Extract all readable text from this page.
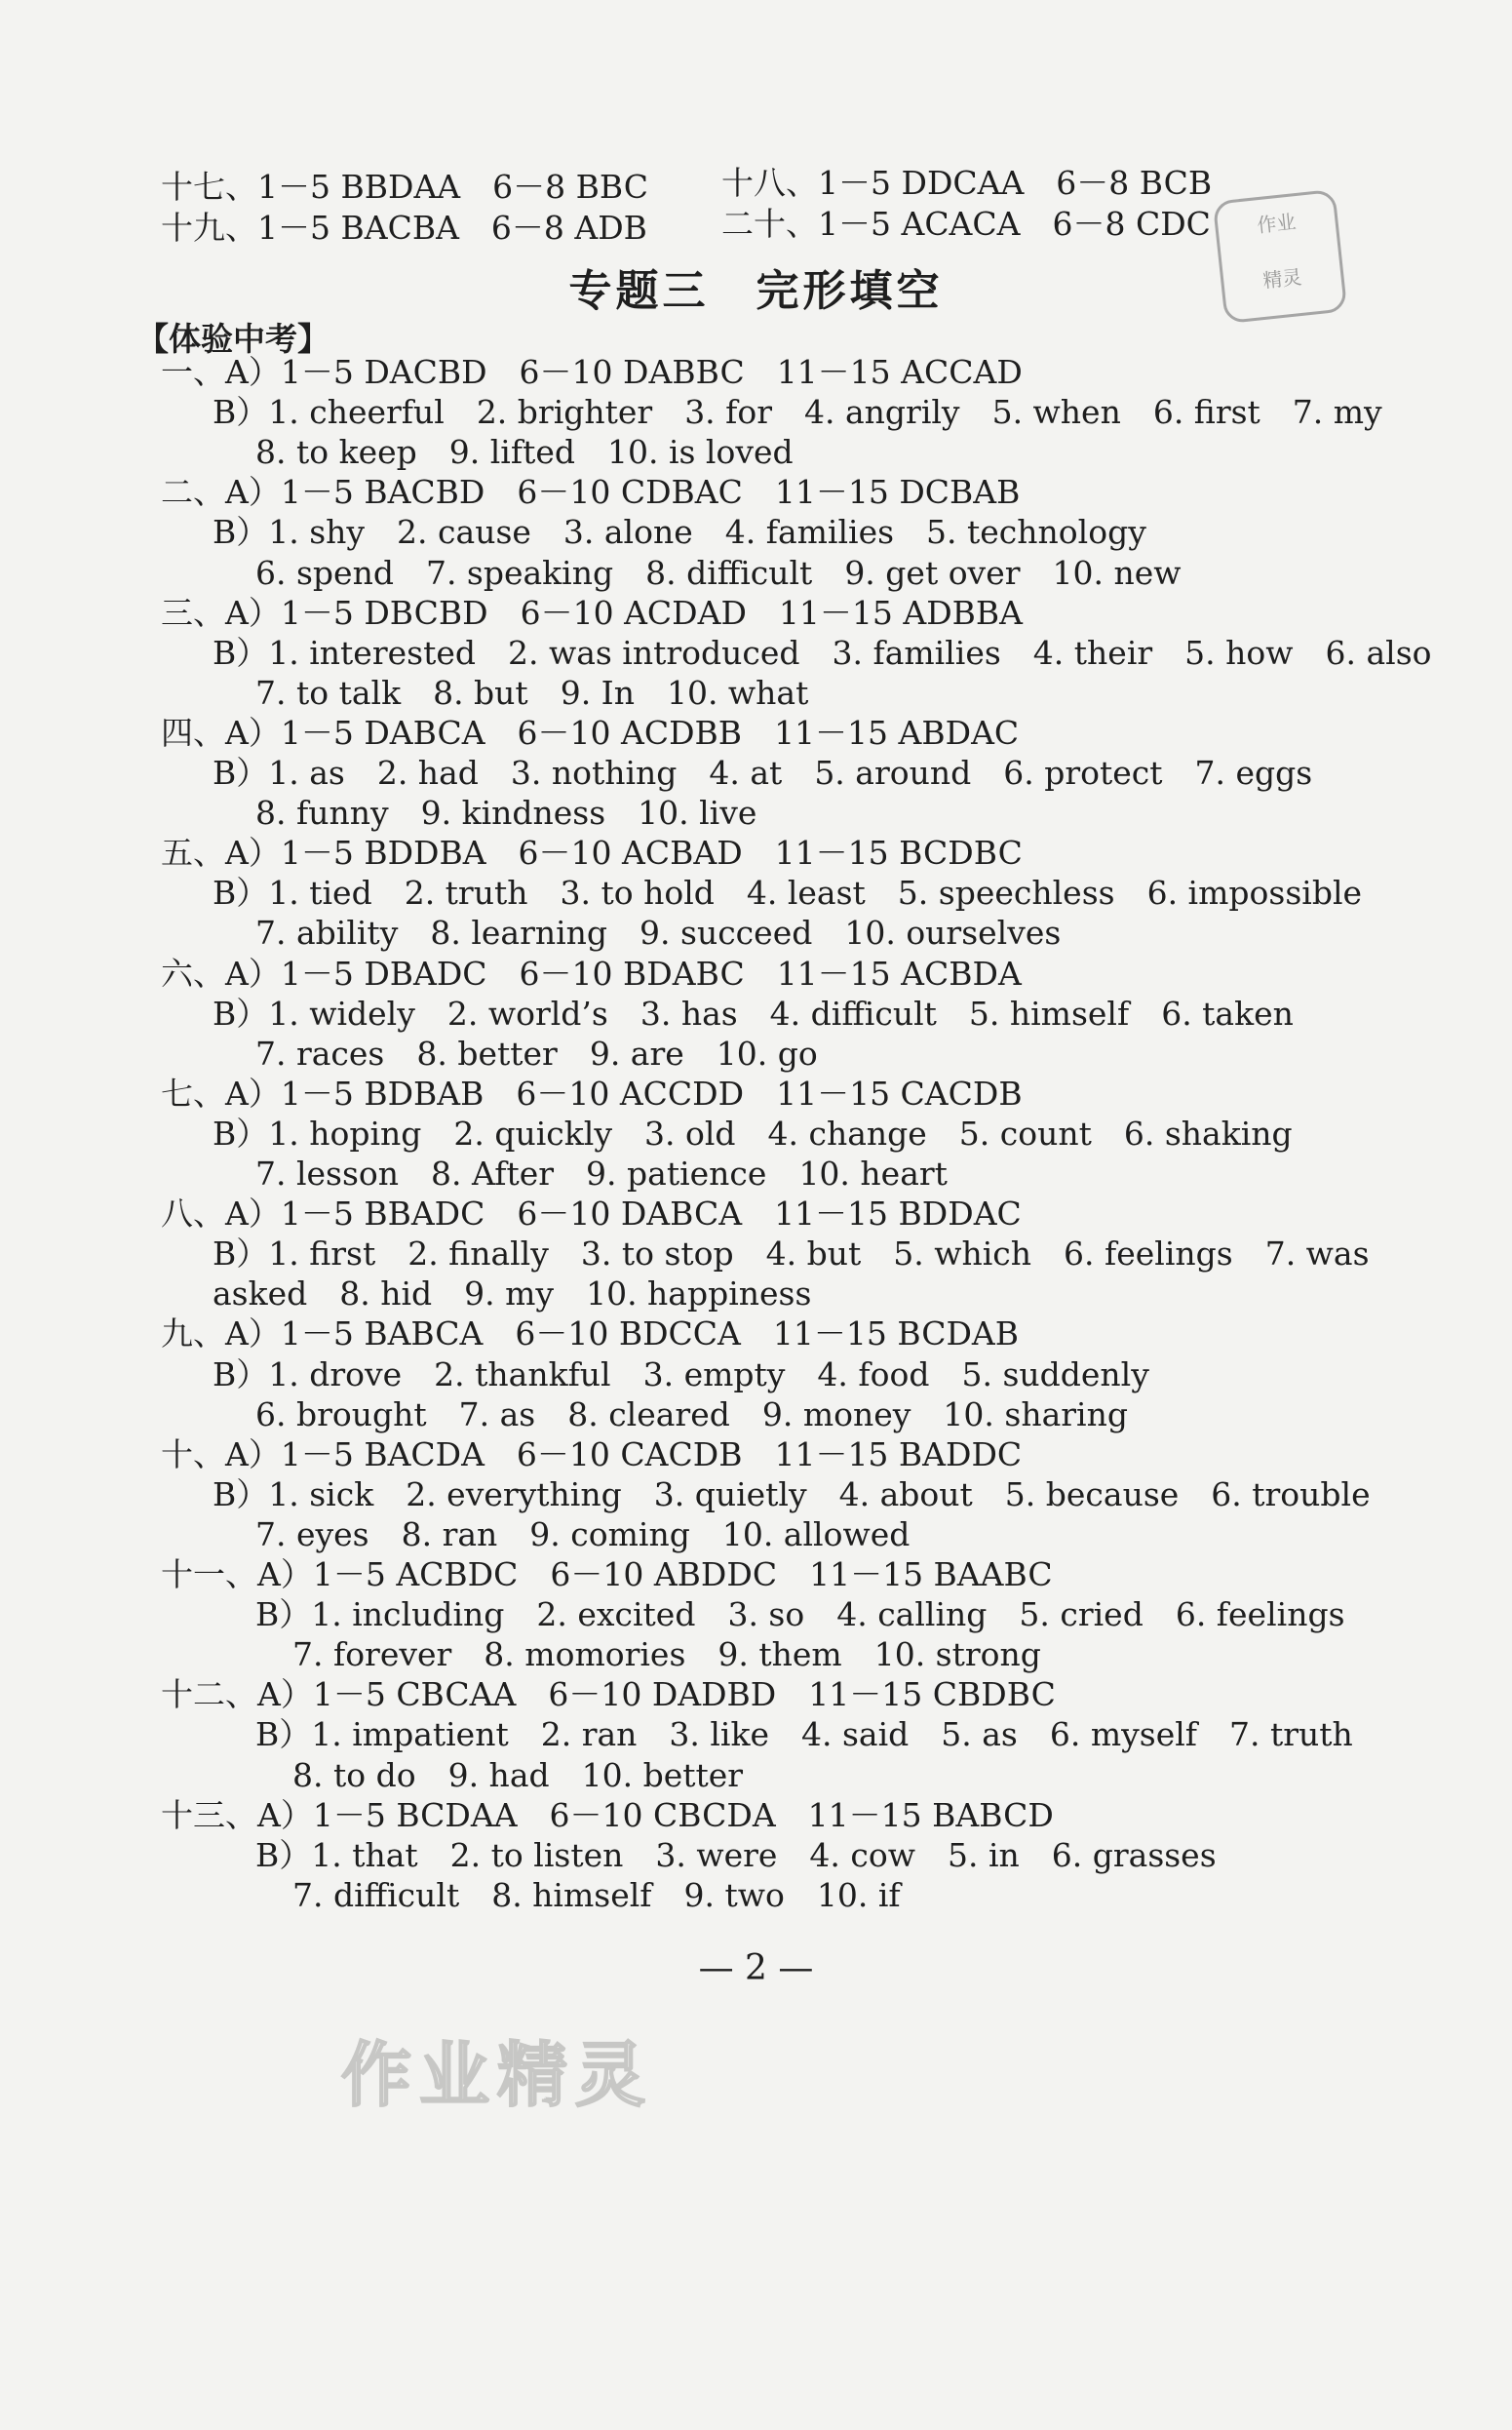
十七、1－5 BBDAA　6－8 BBC 十八、1－5 DDCAA　6－8 BCB
十九、1－5 BACBA　6－8 ADB 二十、1－5 ACACA　6－8 CDC	作业
精灵
专题三　完形填空
【体验中考】
一、A）1－5 DACBD　6－10 DABBC　11－15 ACCAD
B）1. cheerful　2. brighter　3. for　4. angrily　5. when　6. first　7. my
8. to keep　9. lifted　10. is loved
二、A）1－5 BACBD　6－10 CDBAC　11－15 DCBAB
B）1. shy　2. cause　3. alone　4. families　5. technology
6. spend　7. speaking　8. difficult　9. get over　10. new
三、A）1－5 DBCBD　6－10 ACDAD　11－15 ADBBA
B）1. interested　2. was introduced　3. families　4. their　5. how　6. also
7. to talk　8. but　9. In　10. what
四、A）1－5 DABCA　6－10 ACDBB　11－15 ABDAC
B）1. as　2. had　3. nothing　4. at　5. around　6. protect　7. eggs
8. funny　9. kindness　10. live
五、A）1－5 BDDBA　6－10 ACBAD　11－15 BCDBC
B）1. tied　2. truth　3. to hold　4. least　5. speechless　6. impossible
7. ability　8. learning　9. succeed　10. ourselves
六、A）1－5 DBADC　6－10 BDABC　11－15 ACBDA
B）1. widely　2. world’s　3. has　4. difficult　5. himself　6. taken
7. races　8. better　9. are　10. go
七、A）1－5 BDBAB　6－10 ACCDD　11－15 CACDB
B）1. hoping　2. quickly　3. old　4. change　5. count　6. shaking
7. lesson　8. After　9. patience　10. heart
八、A）1－5 BBADC　6－10 DABCA　11－15 BDDAC
B）1. first　2. finally　3. to stop　4. but　5. which　6. feelings　7. was
asked　8. hid　9. my　10. happiness
九、A）1－5 BABCA　6－10 BDCCA　11－15 BCDAB
B）1. drove　2. thankful　3. empty　4. food　5. suddenly
6. brought　7. as　8. cleared　9. money　10. sharing
十、A）1－5 BACDA　6－10 CACDB　11－15 BADDC
B）1. sick　2. everything　3. quietly　4. about　5. because　6. trouble
7. eyes　8. ran　9. coming　10. allowed
十一、A）1－5 ACBDC　6－10 ABDDC　11－15 BAABC
B）1. including　2. excited　3. so　4. calling　5. cried　6. feelings
7. forever　8. momories　9. them　10. strong
十二、A）1－5 CBCAA　6－10 DADBD　11－15 CBDBC
B）1. impatient　2. ran　3. like　4. said　5. as　6. myself　7. truth
8. to do　9. had　10. better
十三、A）1－5 BCDAA　6－10 CBCDA　11－15 BABCD
B）1. that　2. to listen　3. were　4. cow　5. in　6. grasses
7. difficult　8. himself　9. two　10. if
— 2 —
作业精灵
